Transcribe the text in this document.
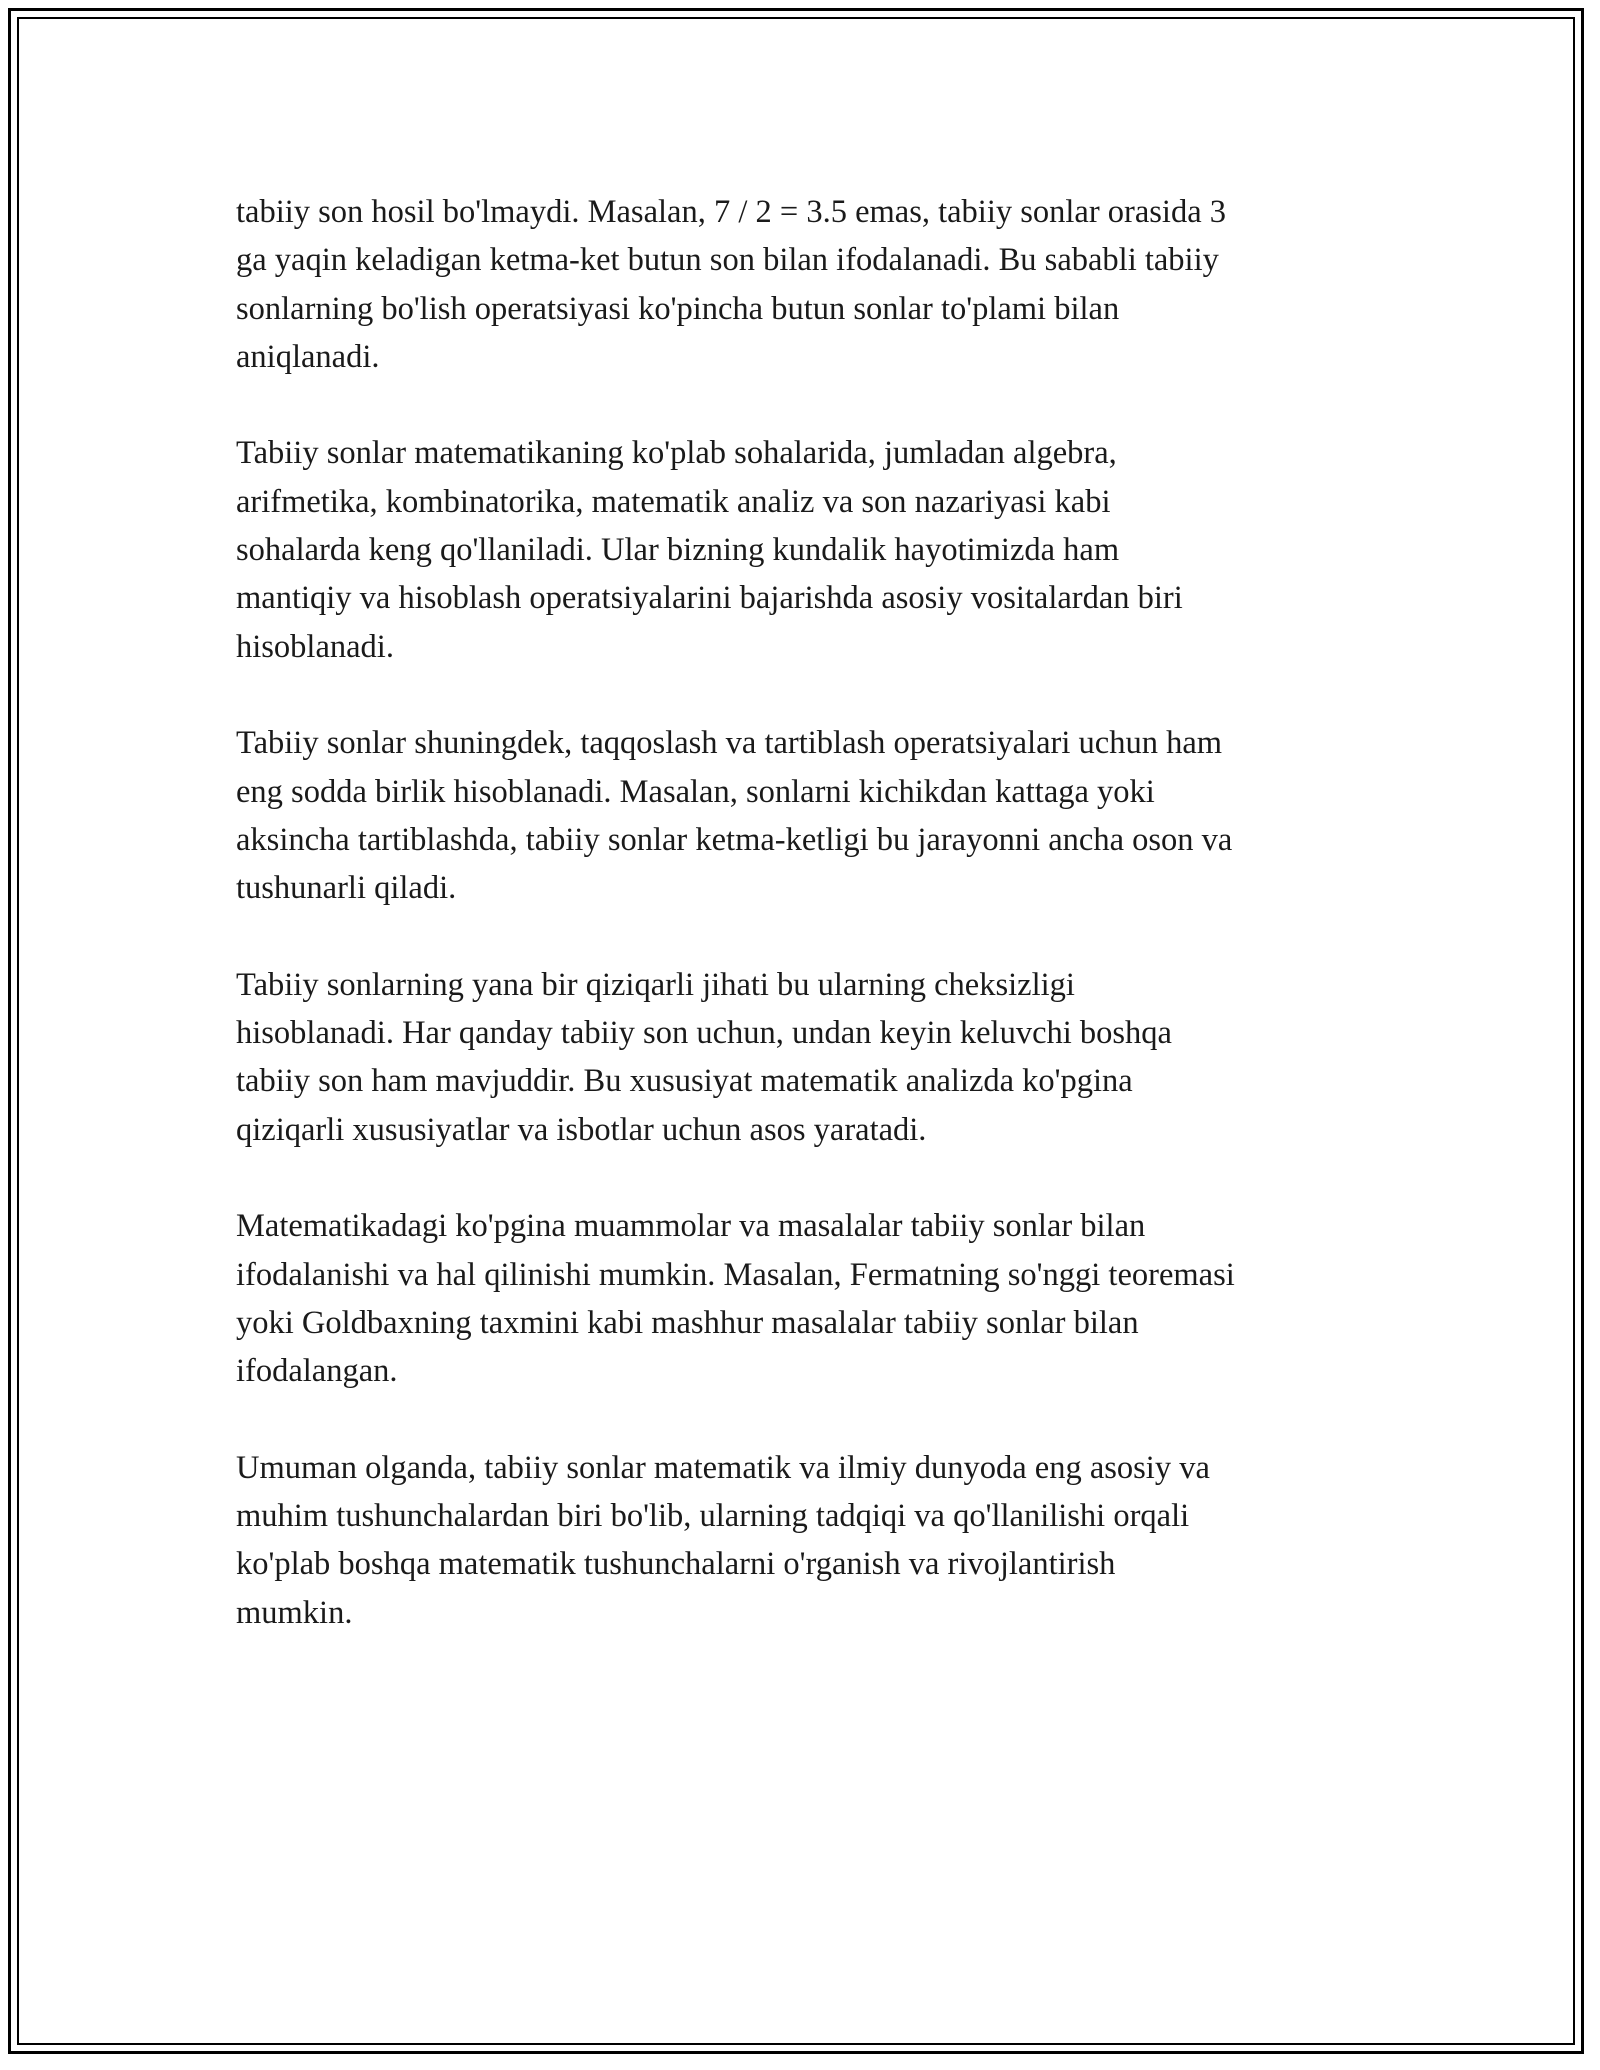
tabiiy son hosil bo'lmaydi. Masalan, 7 / 2 = 3.5 emas, tabiiy sonlar orasida 3
ga yaqin keladigan ketma-ket butun son bilan ifodalanadi. Bu sababli tabiiy
sonlarning bo'lish operatsiyasi ko'pincha butun sonlar to'plami bilan
aniqlanadi.

Tabiiy sonlar matematikaning ko'plab sohalarida, jumladan algebra,
arifmetika, kombinatorika, matematik analiz va son nazariyasi kabi
sohalarda keng qo'llaniladi. Ular bizning kundalik hayotimizda ham
mantiqiy va hisoblash operatsiyalarini bajarishda asosiy vositalardan biri
hisoblanadi.

Tabiiy sonlar shuningdek, taqqoslash va tartiblash operatsiyalari uchun ham
eng sodda birlik hisoblanadi. Masalan, sonlarni kichikdan kattaga yoki
aksincha tartiblashda, tabiiy sonlar ketma-ketligi bu jarayonni ancha oson va
tushunarli qiladi.

Tabiiy sonlarning yana bir qiziqarli jihati bu ularning cheksizligi
hisoblanadi. Har qanday tabiiy son uchun, undan keyin keluvchi boshqa
tabiiy son ham mavjuddir. Bu xususiyat matematik analizda ko'pgina
qiziqarli xususiyatlar va isbotlar uchun asos yaratadi.

Matematikadagi ko'pgina muammolar va masalalar tabiiy sonlar bilan
ifodalanishi va hal qilinishi mumkin. Masalan, Fermatning so'nggi teoremasi
yoki Goldbaxning taxmini kabi mashhur masalalar tabiiy sonlar bilan
ifodalangan.

Umuman olganda, tabiiy sonlar matematik va ilmiy dunyoda eng asosiy va
muhim tushunchalardan biri bo'lib, ularning tadqiqi va qo'llanilishi orqali
ko'plab boshqa matematik tushunchalarni o'rganish va rivojlantirish
mumkin.
